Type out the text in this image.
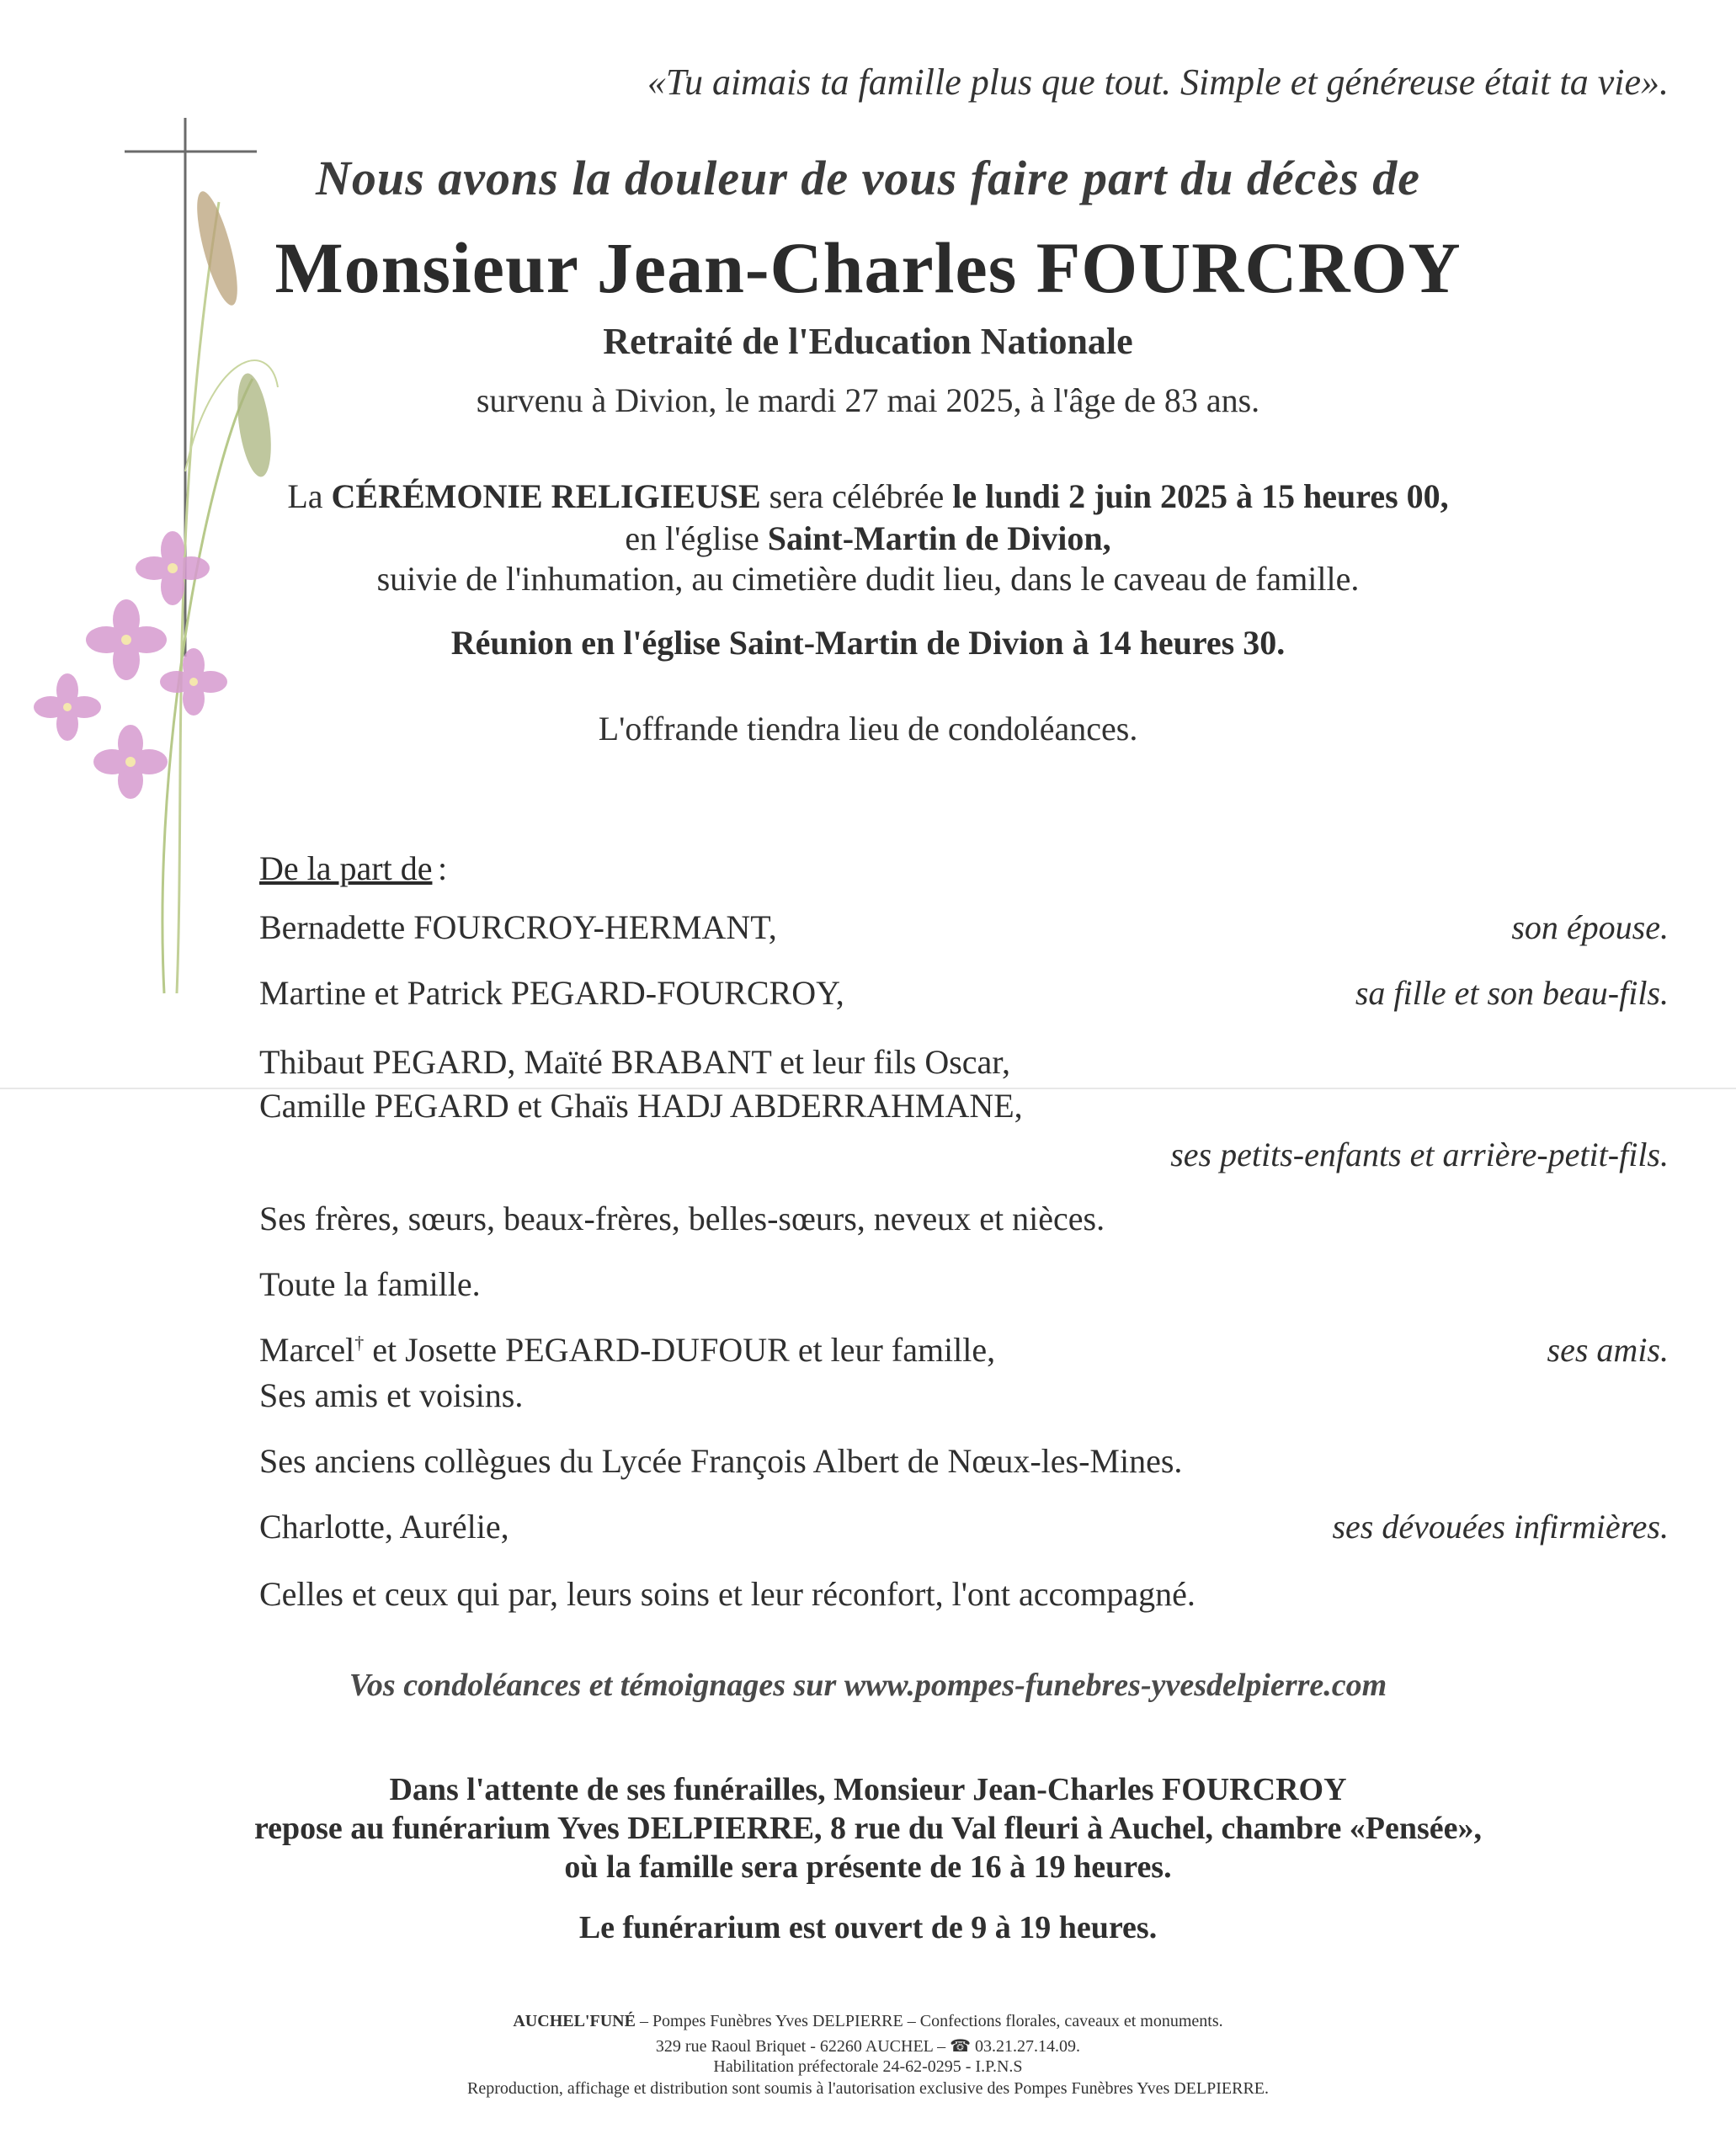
«Tu aimais ta famille plus que tout. Simple et généreuse était ta vie».
Nous avons la douleur de vous faire part du décès de
Monsieur Jean-Charles FOURCROY
Retraité de l'Education Nationale
survenu à Divion, le mardi 27 mai 2025, à l'âge de 83 ans.
La CÉRÉMONIE RELIGIEUSE sera célébrée le lundi 2 juin 2025 à 15 heures 00,
en l'église Saint-Martin de Divion,
suivie de l'inhumation, au cimetière dudit lieu, dans le caveau de famille.
Réunion en l'église Saint-Martin de Divion à 14 heures 30.
L'offrande tiendra lieu de condoléances.
De la part de :
Bernadette FOURCROY-HERMANT,	son épouse.
Martine et Patrick PEGARD-FOURCROY,	sa fille et son beau-fils.
Thibaut PEGARD, Maïté BRABANT et leur fils Oscar,
Camille PEGARD et Ghaïs HADJ ABDERRAHMANE,
ses petits-enfants et arrière-petit-fils.
Ses frères, sœurs, beaux-frères, belles-sœurs, neveux et nièces.
Toute la famille.
Marcel† et Josette PEGARD-DUFOUR et leur famille,	ses amis.
Ses amis et voisins.
Ses anciens collègues du Lycée François Albert de Nœux-les-Mines.
Charlotte, Aurélie,	ses dévouées infirmières.
Celles et ceux qui par, leurs soins et leur réconfort, l'ont accompagné.
Vos condoléances et témoignages sur www.pompes-funebres-yvesdelpierre.com
Dans l'attente de ses funérailles, Monsieur Jean-Charles FOURCROY
repose au funérarium Yves DELPIERRE, 8 rue du Val fleuri à Auchel, chambre «Pensée»,
où la famille sera présente de 16 à 19 heures.
Le funérarium est ouvert de 9 à 19 heures.
AUCHEL'FUNÉ – Pompes Funèbres Yves DELPIERRE – Confections florales, caveaux et monuments.
329 rue Raoul Briquet - 62260 AUCHEL – ☎ 03.21.27.14.09.
Habilitation préfectorale 24-62-0295 - I.P.N.S
Reproduction, affichage et distribution sont soumis à l'autorisation exclusive des Pompes Funèbres Yves DELPIERRE.
